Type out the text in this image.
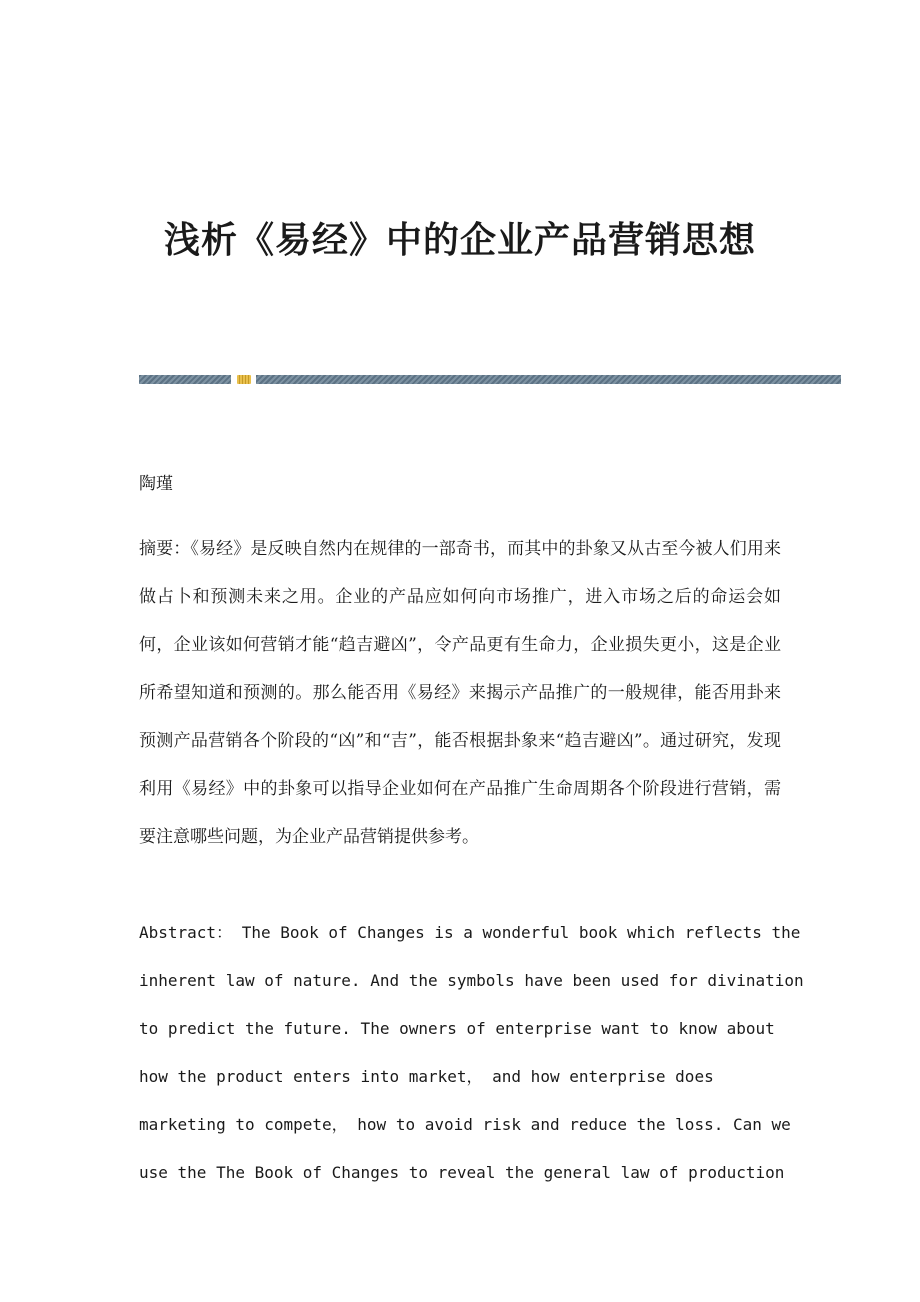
浅析《易经》中的企业产品营销思想
陶瑾
摘要：《易经》是反映自然内在规律的一部奇书，而其中的卦象又从古至今被人们用来做占卜和预测未来之用。企业的产品应如何向市场推广，进入市场之后的命运会如何，企业该如何营销才能“趋吉避凶”，令产品更有生命力，企业损失更小，这是企业所希望知道和预测的。那么能否用《易经》来揭示产品推广的一般规律，能否用卦来预测产品营销各个阶段的“凶”和“吉”，能否根据卦象来“趋吉避凶”。通过研究，发现利用《易经》中的卦象可以指导企业如何在产品推广生命周期各个阶段进行营销，需要注意哪些问题，为企业产品营销提供参考。
Abstract： The Book of Changes is a wonderful book which reflects the
inherent law of nature. And the symbols have been used for divination
to predict the future. The owners of enterprise want to know about
how the product enters into market， and how enterprise does
marketing to compete， how to avoid risk and reduce the loss. Can we
use the The Book of Changes to reveal the general law of production
